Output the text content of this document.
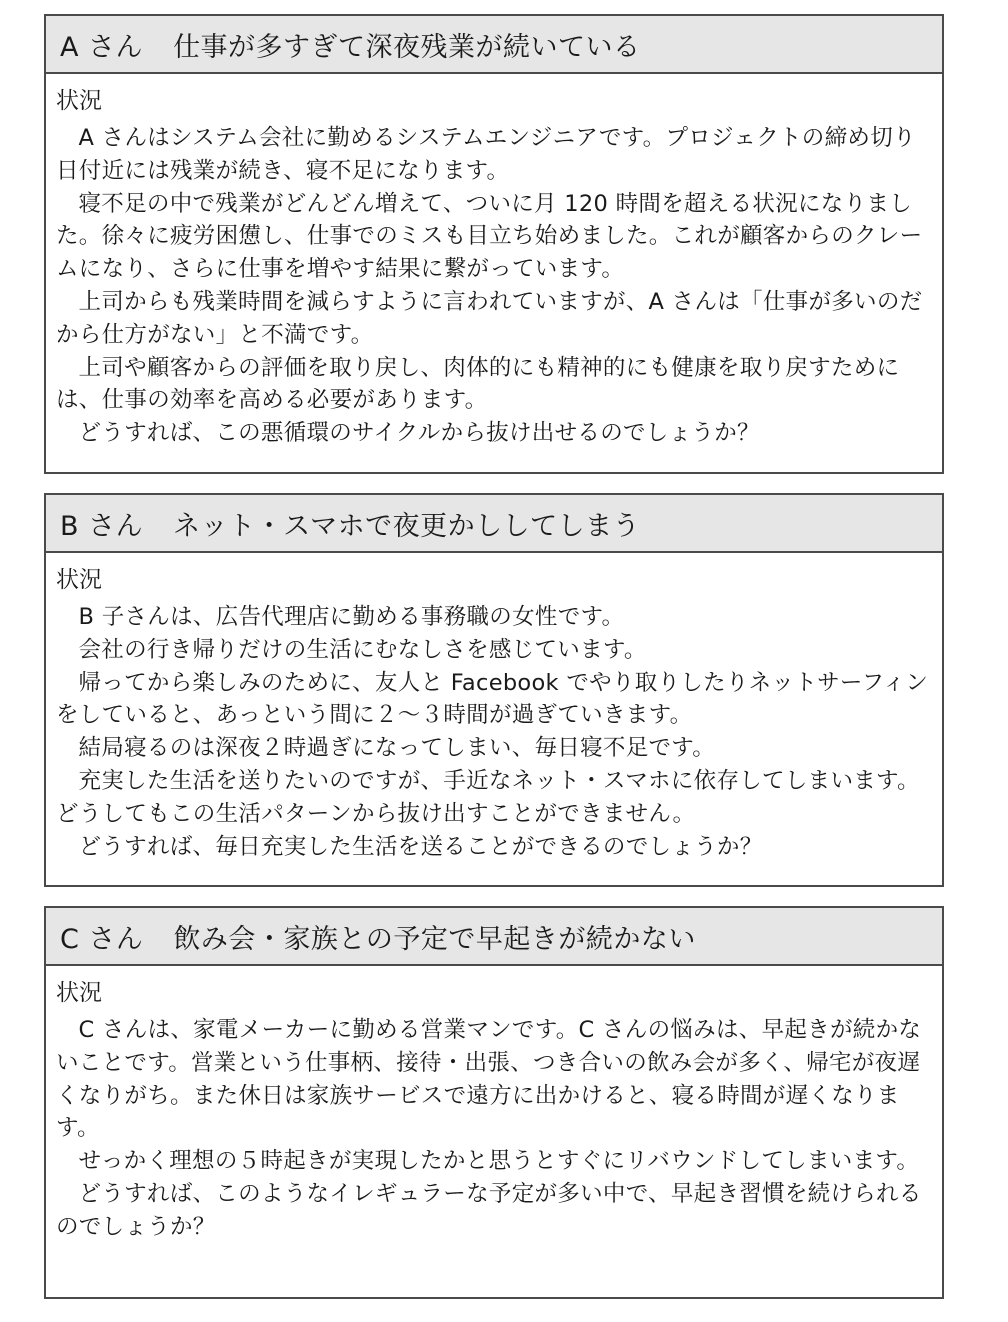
A さん 仕事が多すぎて深夜残業が続いている
状況

A さんはシステム会社に勤めるシステムエンジニアです。プロジェクトの締め切り日付近には残業が続き、寝不足になります。

寝不足の中で残業がどんどん増えて、ついに月 120 時間を超える状況になりました。徐々に疲労困憊し、仕事でのミスも目立ち始めました。これが顧客からのクレームになり、さらに仕事を増やす結果に繋がっています。

上司からも残業時間を減らすように言われていますが、A さんは「仕事が多いのだから仕方がない」と不満です。

上司や顧客からの評価を取り戻し、肉体的にも精神的にも健康を取り戻すためには、仕事の効率を高める必要があります。

どうすれば、この悪循環のサイクルから抜け出せるのでしょうか？

B さん ネット・スマホで夜更かししてしまう
状況

B 子さんは、広告代理店に勤める事務職の女性です。

会社の行き帰りだけの生活にむなしさを感じています。

帰ってから楽しみのために、友人と Facebook でやり取りしたりネットサーフィンをしていると、あっという間に２～３時間が過ぎていきます。

結局寝るのは深夜２時過ぎになってしまい、毎日寝不足です。

充実した生活を送りたいのですが、手近なネット・スマホに依存してしまいます。どうしてもこの生活パターンから抜け出すことができません。

どうすれば、毎日充実した生活を送ることができるのでしょうか？

C さん 飲み会・家族との予定で早起きが続かない
状況

C さんは、家電メーカーに勤める営業マンです。C さんの悩みは、早起きが続かないことです。営業という仕事柄、接待・出張、つき合いの飲み会が多く、帰宅が夜遅くなりがち。また休日は家族サービスで遠方に出かけると、寝る時間が遅くなります。

せっかく理想の５時起きが実現したかと思うとすぐにリバウンドしてしまいます。

どうすれば、このようなイレギュラーな予定が多い中で、早起き習慣を続けられるのでしょうか？
